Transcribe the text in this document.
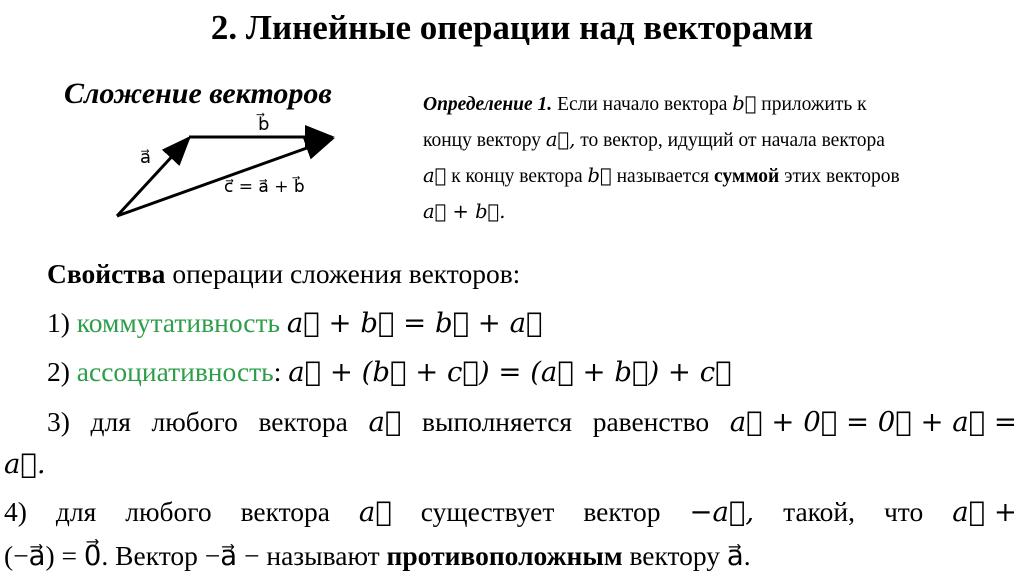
2. Линейные операции над векторами
Сложение векторов
a⃗
b⃗
c⃗ = a⃗ + b⃗
Определение 1. Если начало вектора b⃗ приложить к
концу вектору a⃗, то вектор, идущий от начала вектора
a⃗ к концу вектора b⃗ называется суммой этих векторов
a⃗ + b⃗.
Свойства операции сложения векторов:
1) коммутативность a⃗ + b⃗ = b⃗ + a⃗
2) ассоциативность: a⃗ + (b⃗ + c⃗) = (a⃗ + b⃗) + c⃗
3) для любого вектора a⃗ выполняется равенство a⃗ + 0⃗ = 0⃗ + a⃗ =
a⃗.
4) для любого вектора a⃗ существует вектор −a⃗, такой, что a⃗ +
(−a⃗) = 0⃗. Вектор −a⃗ − называют противоположным вектору a⃗.
